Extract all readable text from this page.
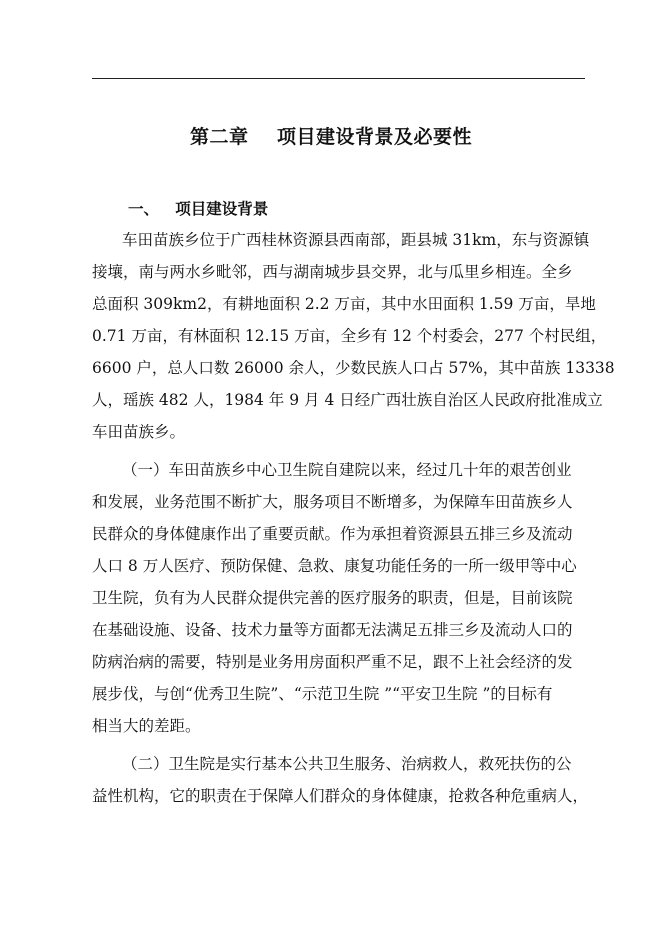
第二章    项目建设背景及必要性
一、   项目建设背景
车田苗族乡位于广西桂林资源县西南部，距县城 31km，东与资源镇
接壤，南与两水乡毗邻，西与湖南城步县交界，北与瓜里乡相连。全乡
总面积 309km2，有耕地面积 2.2 万亩，其中水田面积 1.59 万亩，旱地
0.71 万亩，有林面积 12.15 万亩，全乡有 12 个村委会，277 个村民组，
6600 户，总人口数 26000 余人，少数民族人口占 57%，其中苗族 13338
人，瑶族 482 人，1984 年 9 月 4 日经广西壮族自治区人民政府批准成立
车田苗族乡。
（一）车田苗族乡中心卫生院自建院以来，经过几十年的艰苦创业
和发展，业务范围不断扩大，服务项目不断增多，为保障车田苗族乡人
民群众的身体健康作出了重要贡献。作为承担着资源县五排三乡及流动
人口 8 万人医疗、预防保健、急救、康复功能任务的一所一级甲等中心
卫生院，负有为人民群众提供完善的医疗服务的职责，但是，目前该院
在基础设施、设备、技术力量等方面都无法满足五排三乡及流动人口的
防病治病的需要，特别是业务用房面积严重不足，跟不上社会经济的发
展步伐，与创“优秀卫生院”、“示范卫生院 ”“平安卫生院 ”的目标有
相当大的差距。
（二）卫生院是实行基本公共卫生服务、治病救人，救死扶伤的公
益性机构，它的职责在于保障人们群众的身体健康，抢救各种危重病人，
